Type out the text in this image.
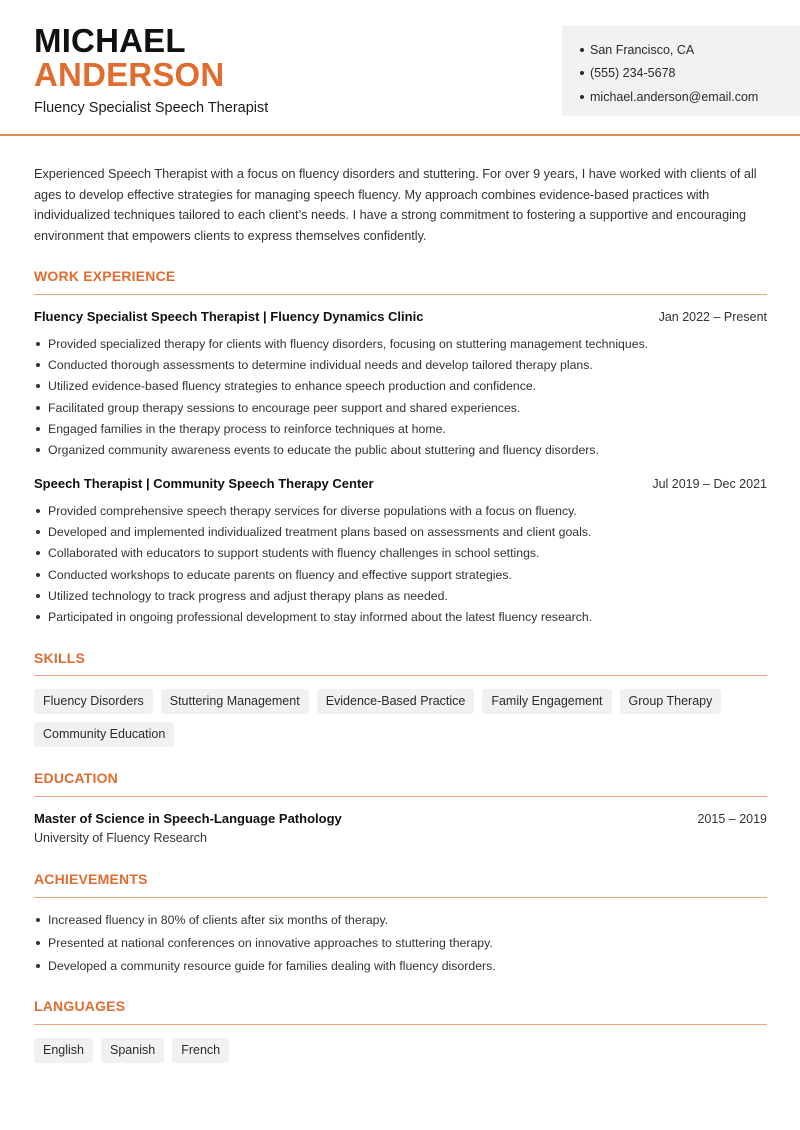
MICHAEL
ANDERSON
Fluency Specialist Speech Therapist
San Francisco, CA
(555) 234-5678
michael.anderson@email.com

Experienced Speech Therapist with a focus on fluency disorders and stuttering. For over 9 years, I have worked with clients of all ages to develop effective strategies for managing speech fluency. My approach combines evidence-based practices with individualized techniques tailored to each client’s needs. I have a strong commitment to fostering a supportive and encouraging environment that empowers clients to express themselves confidently.

WORK EXPERIENCE
Fluency Specialist Speech Therapist | Fluency Dynamics Clinic	Jan 2022 – Present
Provided specialized therapy for clients with fluency disorders, focusing on stuttering management techniques.
Conducted thorough assessments to determine individual needs and develop tailored therapy plans.
Utilized evidence-based fluency strategies to enhance speech production and confidence.
Facilitated group therapy sessions to encourage peer support and shared experiences.
Engaged families in the therapy process to reinforce techniques at home.
Organized community awareness events to educate the public about stuttering and fluency disorders.
Speech Therapist | Community Speech Therapy Center	Jul 2019 – Dec 2021
Provided comprehensive speech therapy services for diverse populations with a focus on fluency.
Developed and implemented individualized treatment plans based on assessments and client goals.
Collaborated with educators to support students with fluency challenges in school settings.
Conducted workshops to educate parents on fluency and effective support strategies.
Utilized technology to track progress and adjust therapy plans as needed.
Participated in ongoing professional development to stay informed about the latest fluency research.
SKILLS
Fluency Disorders	Stuttering Management	Evidence-Based Practice	Family Engagement	Group Therapy
Community Education
EDUCATION
Master of Science in Speech-Language Pathology	2015 – 2019
University of Fluency Research
ACHIEVEMENTS
Increased fluency in 80% of clients after six months of therapy.
Presented at national conferences on innovative approaches to stuttering therapy.
Developed a community resource guide for families dealing with fluency disorders.
LANGUAGES
English	Spanish	French
